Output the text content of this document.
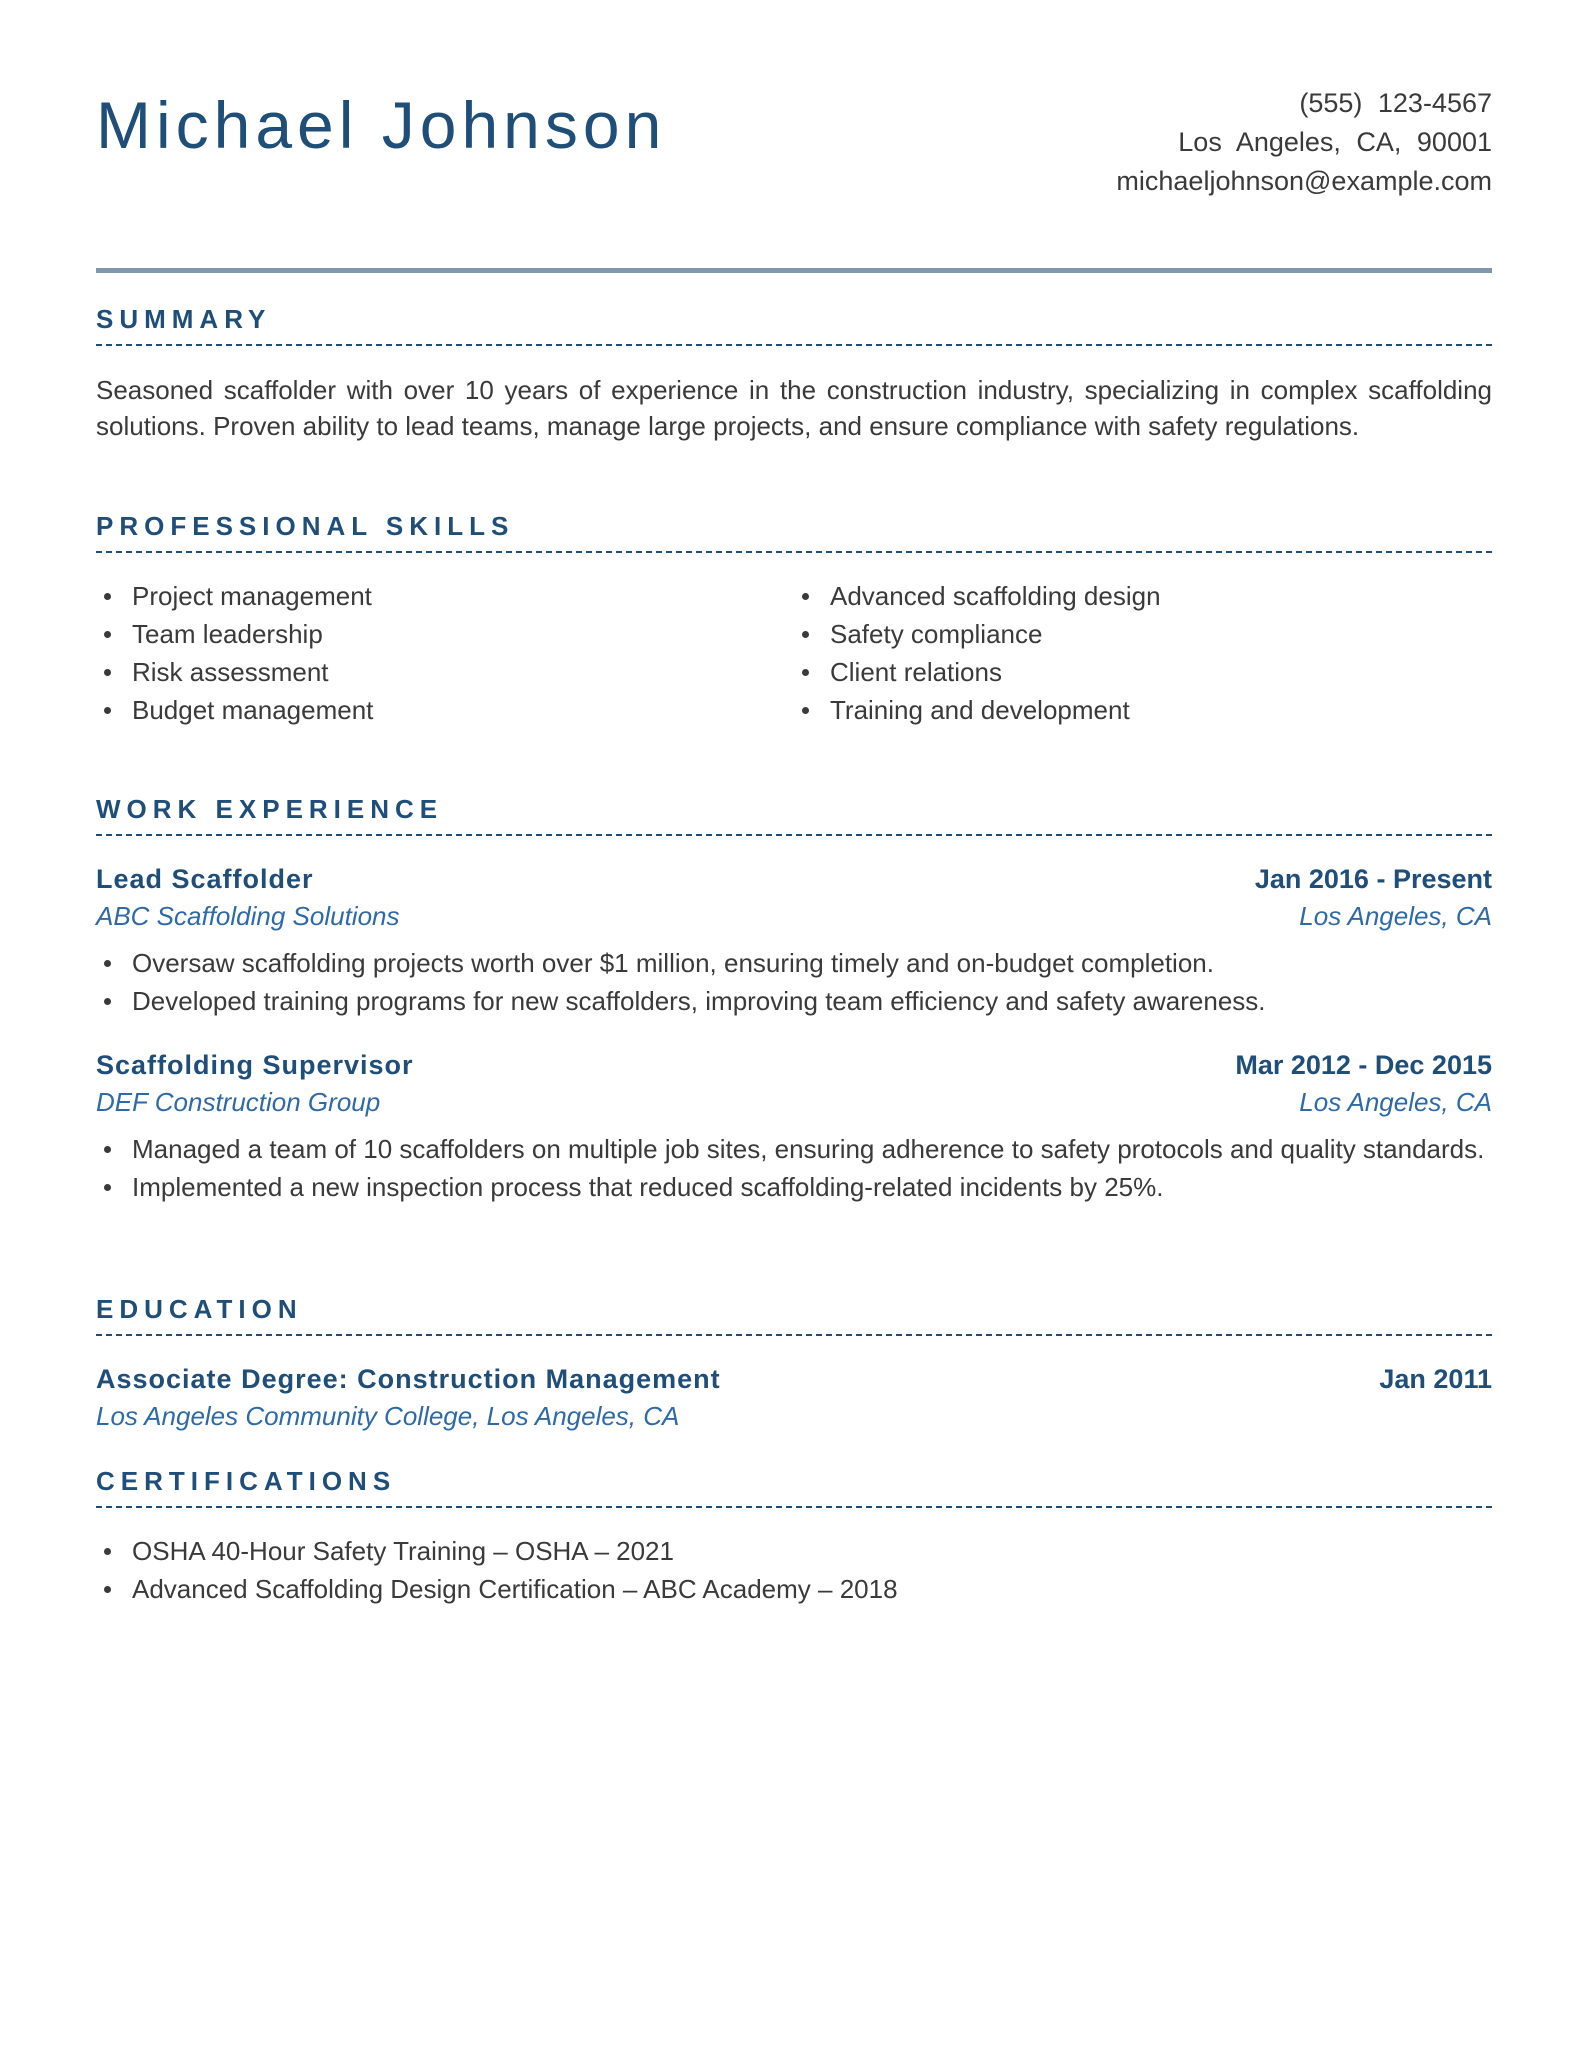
Michael Johnson	(555) 123-4567
Los Angeles, CA, 90001
michaeljohnson@example.com
SUMMARY

Seasoned scaffolder with over 10 years of experience in the construction industry, specializing in complex scaffolding solutions. Proven ability to lead teams, manage large projects, and ensure compliance with safety regulations.

PROFESSIONAL SKILLS
Project management
Team leadership
Risk assessment
Budget management
Advanced scaffolding design
Safety compliance
Client relations
Training and development
WORK EXPERIENCE
Lead Scaffolder	Jan 2016 - Present
ABC Scaffolding Solutions	Los Angeles, CA
Oversaw scaffolding projects worth over $1 million, ensuring timely and on-budget completion.
Developed training programs for new scaffolders, improving team efficiency and safety awareness.
Scaffolding Supervisor	Mar 2012 - Dec 2015
DEF Construction Group	Los Angeles, CA
Managed a team of 10 scaffolders on multiple job sites, ensuring adherence to safety protocols and quality standards.
Implemented a new inspection process that reduced scaffolding-related incidents by 25%.
EDUCATION
Associate Degree: Construction Management	Jan 2011
Los Angeles Community College, Los Angeles, CA
CERTIFICATIONS
OSHA 40-Hour Safety Training – OSHA – 2021
Advanced Scaffolding Design Certification – ABC Academy – 2018
